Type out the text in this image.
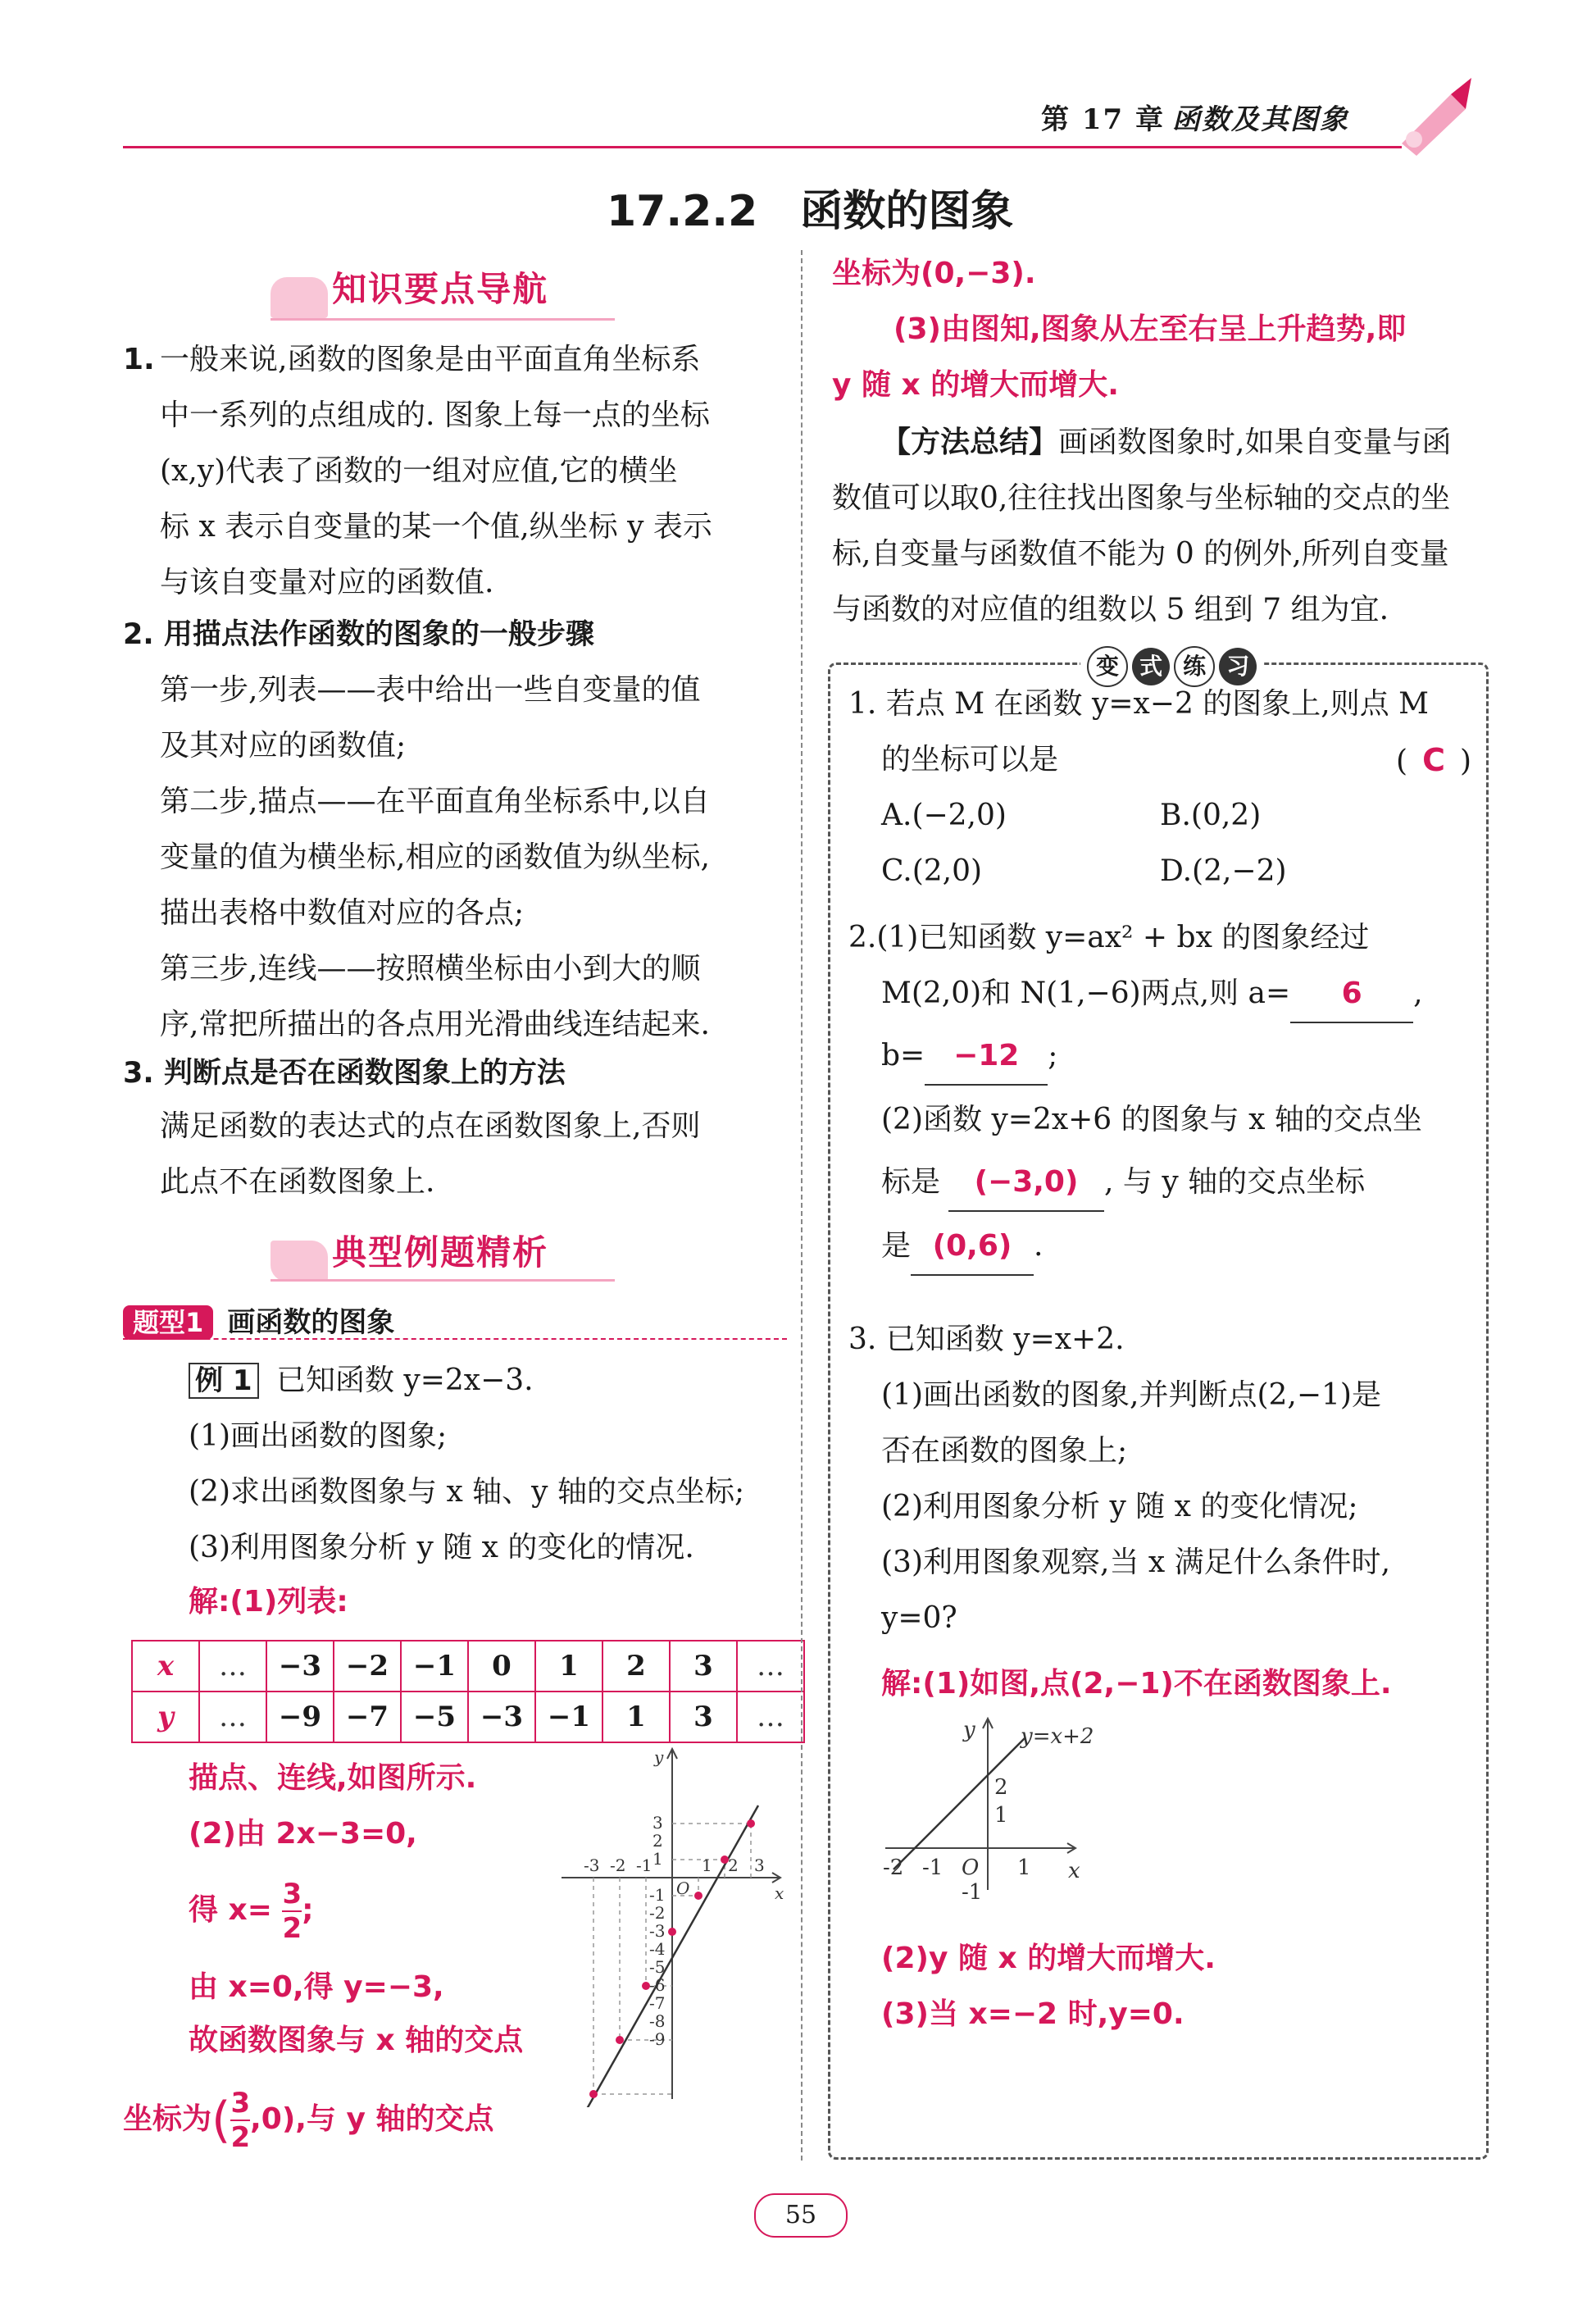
第 17 章 函数及其图象
17.2.2　函数的图象
知识要点导航
1. 一般来说,函数的图象是由平面直角坐标系
中一系列的点组成的. 图象上每一点的坐标
(x,y)代表了函数的一组对应值,它的横坐
标 x 表示自变量的某一个值,纵坐标 y 表示
与该自变量对应的函数值.
2. 用描点法作函数的图象的一般步骤
第一步,列表——表中给出一些自变量的值
及其对应的函数值;
第二步,描点——在平面直角坐标系中,以自
变量的值为横坐标,相应的函数值为纵坐标,
描出表格中数值对应的各点;
第三步,连线——按照横坐标由小到大的顺
序,常把所描出的各点用光滑曲线连结起来.
3. 判断点是否在函数图象上的方法
满足函数的表达式的点在函数图象上,否则
此点不在函数图象上.
典型例题精析
题型1 画函数的图象
例 1 已知函数 y=2x−3.
(1)画出函数的图象;
(2)求出函数图象与 x 轴、y 轴的交点坐标;
(3)利用图象分析 y 随 x 的变化的情况.
解:(1)列表:
x	…	−3	−2	−1	0	1	2	3	…
y	…	−9	−7	−5	−3	−1	1	3	…
描点、连线,如图所示.
(2)由 2x−3=0,
得 $x= \frac{3}{2}$ ;
由 x=0,得 y=−3,
故函数图象与 x 轴的交点
坐标为( $\frac{3}{2} ,0$),与 y 轴的交点
x
y
O
-3 -2 -1	1 2 3
3
2
1
-1
-2
-3
-4
-5
-6
-7
-8
-9
坐标为(0,−3).
(3)由图知,图象从左至右呈上升趋势,即
y 随 x 的增大而增大.
【方法总结】画函数图象时,如果自变量与函
数值可以取0,往往找出图象与坐标轴的交点的坐
标,自变量与函数值不能为 0 的例外,所列自变量
与函数的对应值的组数以 5 组到 7 组为宜.
变 式 练 习
1. 若点 M 在函数 y=x−2 的图象上,则点 M
的坐标可以是	( C )
A.(−2,0)	B.(0,2)
C.(2,0)	D.(2,−2)
2.(1)已知函数 y=ax² + bx 的图象经过
M(2,0)和 N(1,−6)两点,则 a= 6 ,
b= −12 ;
(2)函数 y=2x+6 的图象与 x 轴的交点坐
标是 (−3,0) , 与 y 轴的交点坐标
是 (0,6) .
3. 已知函数 y=x+2.
(1)画出函数的图象,并判断点(2,−1)是
否在函数的图象上;
(2)利用图象分析 y 随 x 的变化情况;
(3)利用图象观察,当 x 满足什么条件时,
y=0?
解:(1)如图,点(2,−1)不在函数图象上.
y=x+2
x
y
O
-2 -1	1
2
1
-1
(2)y 随 x 的增大而增大.
(3)当 x=−2 时,y=0.
55
